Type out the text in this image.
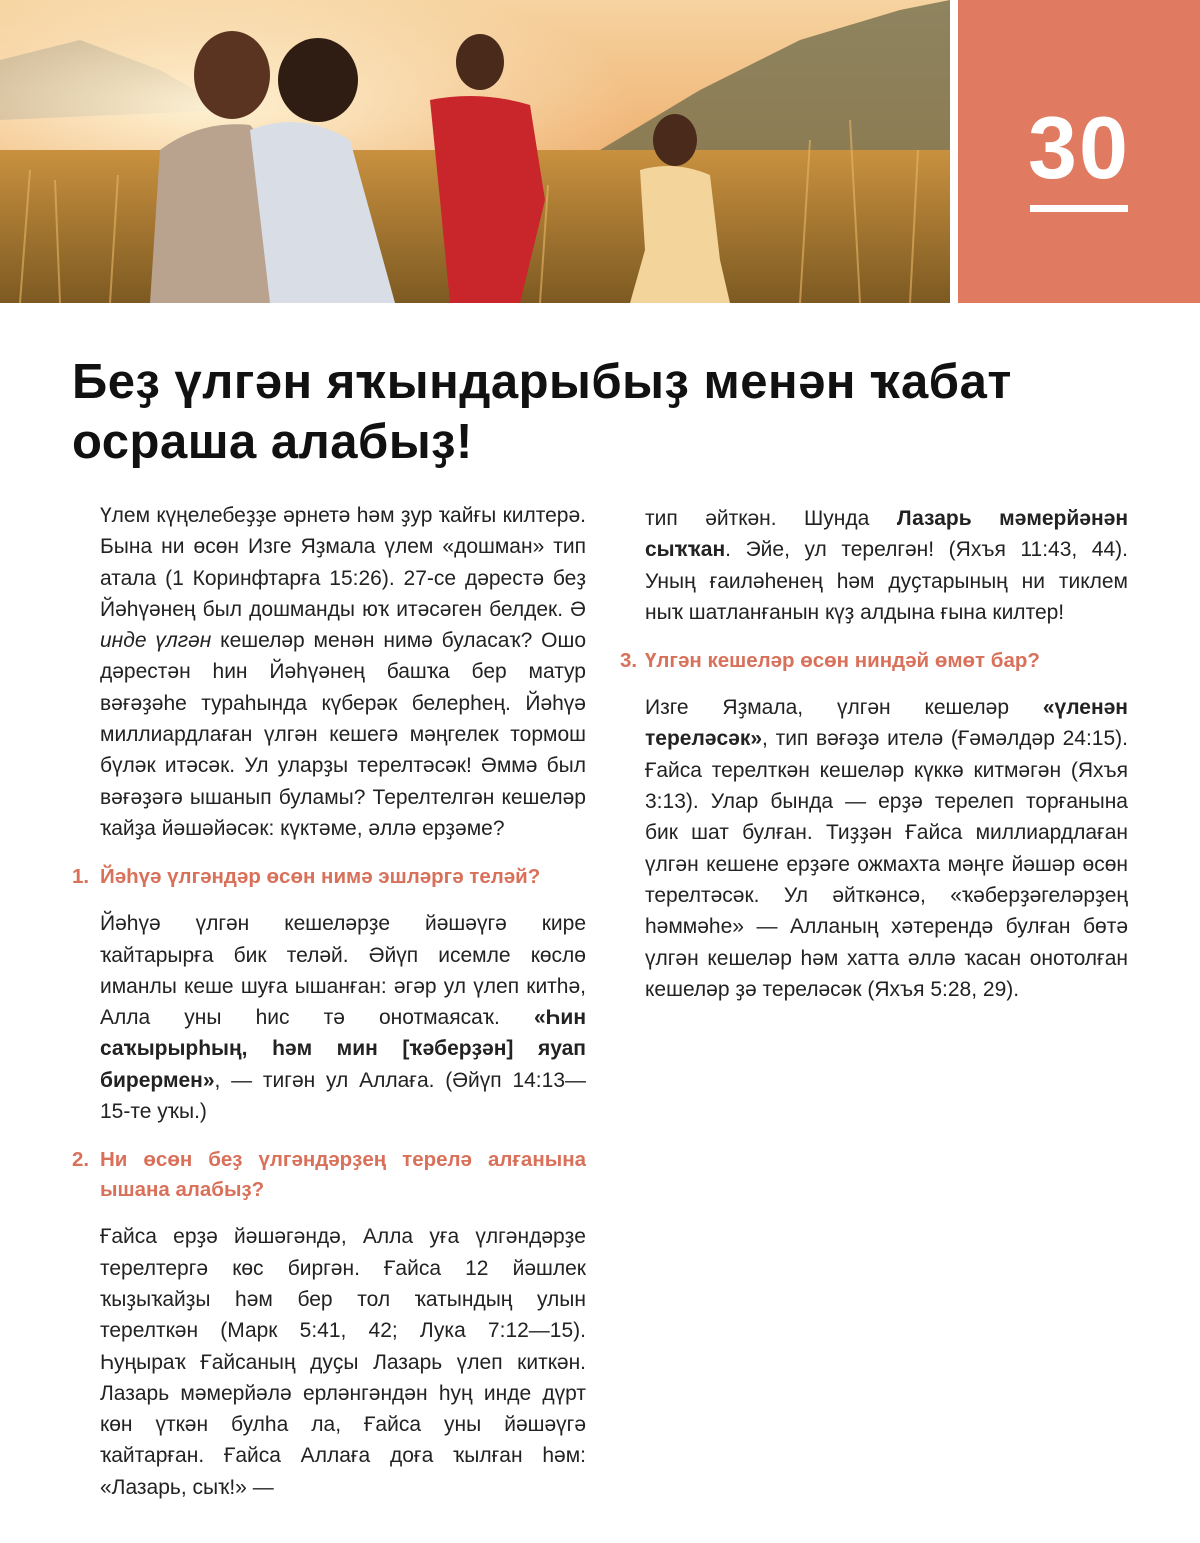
30
Беҙ үлгән яҡындарыбыҙ менән ҡабат осраша алабыҙ!

Үлем күңелебеҙҙе әрнетә һәм ҙур ҡайғы килтерә. Бына ни өсөн Изге Яҙмала үлем «дошман» тип атала (1 Коринфтарға 15:26). 27-се дәрестә беҙ Йәһүәнең был дошманды юҡ итәсәген белдек. Ә инде үлгән кешеләр менән нимә буласаҡ? Ошо дәрестән һин Йәһүәнең башҡа бер матур вәғәҙәһе тураһында күберәк белерһең. Йәһүә миллиардлаған үлгән кешегә мәңгелек тормош бүләк итәсәк. Ул уларҙы терелтәсәк! Әммә был вәғәҙәгә ышанып буламы? Терелтелгән кешеләр ҡайҙа йәшәйәсәк: күктәме, әллә ерҙәме?

1. Йәһүә үлгәндәр өсөн нимә эшләргә теләй?

Йәһүә үлгән кешеләрҙе йәшәүгә кире ҡайтарырға бик теләй. Әйүп исемле көслө иманлы кеше шуға ышанған: әгәр ул үлеп китһә, Алла уны һис тә онотмаясаҡ. «Һин саҡырырһың, һәм мин [ҡәберҙән] яуап бирермен», — тигән ул Аллаға. (Әйүп 14:13—15-те уҡы.)

2. Ни өсөн беҙ үлгәндәрҙең терелә алғанына ышана алабыҙ?

Ғайса ерҙә йәшәгәндә, Алла уға үлгәндәрҙе терелтергә көс биргән. Ғайса 12 йәшлек ҡыҙыҡайҙы һәм бер тол ҡатындың улын терелткән (Марк 5:41, 42; Лука 7:12—15). Һуңыраҡ Ғайсаның дуҫы Лазарь үлеп киткән. Лазарь мәмерйәлә ерләнгәндән һуң инде дүрт көн үткән булһа ла, Ғайса уны йәшәүгә ҡайтарған. Ғайса Аллаға доға ҡылған һәм: «Лазарь, сыҡ!» —

тип әйткән. Шунда Лазарь мәмерйәнән сыҡҡан. Эйе, ул терелгән! (Яхъя 11:43, 44). Уның ғаиләһенең һәм дуҫтарының ни тиклем ныҡ шатланғанын күҙ алдына ғына килтер!

3. Үлгән кешеләр өсөн ниндәй өмөт бар?

Изге Яҙмала, үлгән кешеләр «үленән тереләсәк», тип вәғәҙә ителә (Ғәмәлдәр 24:15). Ғайса терелткән кешеләр күккә китмәгән (Яхъя 3:13). Улар бында — ерҙә терелеп торғанына бик шат булған. Тиҙҙән Ғайса миллиардлаған үлгән кешене ерҙәге ожмахта мәңге йәшәр өсөн терелтәсәк. Ул әйткәнсә, «ҡәберҙәгеләрҙең һәммәһе» — Алланың хәтерендә булған бөтә үлгән кешеләр һәм хатта әллә ҡасан онотолған кешеләр ҙә тереләсәк (Яхъя 5:28, 29).
